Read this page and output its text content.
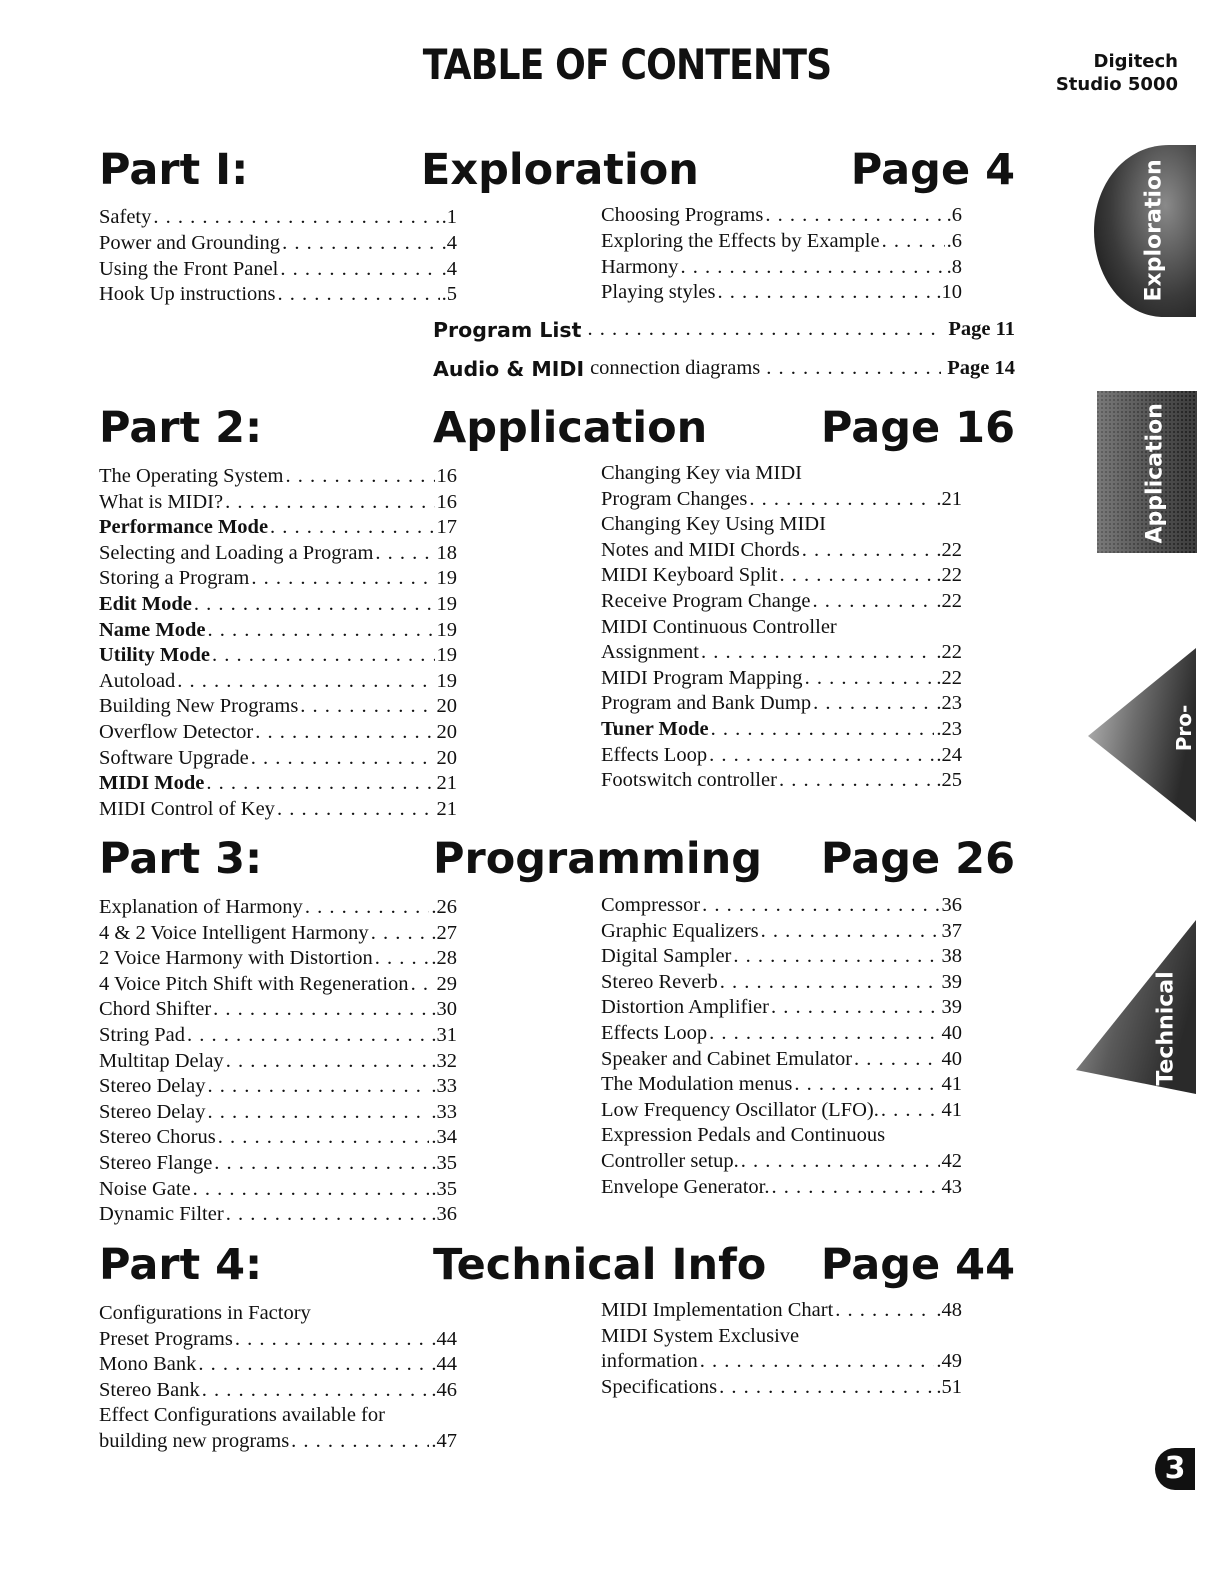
TABLE OF CONTENTS	Digitech
Studio 5000
Part I:	Exploration	Page 4
Safety . . .	.1
Power and Grounding . . .	.4
Using the Front Panel . . .	.4
Hook Up instructions . . .	.5
Choosing Programs . . .	.6
Exploring the Effects by Example . . .	.6
Harmony . . .	.8
Playing styles . . .	.10
Program List . . .	Page 11
Audio & MIDI connection diagrams . . .	Page 14
Part 2:	Application	Page 16
The Operating System . . .	16
What is MIDI? . . .	16
Performance Mode . . .	17
Selecting and Loading a Program . . .	18
Storing a Program . . .	19
Edit Mode . . .	19
Name Mode . . .	19
Utility Mode . . .	19
Autoload . . .	19
Building New Programs . . .	20
Overflow Detector . . .	20
Software Upgrade . . .	20
MIDI Mode . . .	21
MIDI Control of Key . . .	21
Changing Key via MIDI
Program Changes . . .	.21
Changing Key Using MIDI
Notes and MIDI Chords . . .	.22
MIDI Keyboard Split . . .	.22
Receive Program Change . . .	.22
MIDI Continuous Controller
Assignment . . .	.22
MIDI Program Mapping . . .	.22
Program and Bank Dump . . .	.23
Tuner Mode . . .	.23
Effects Loop . . .	.24
Footswitch controller . . .	.25
Part 3:	Programming Page 26
Explanation of Harmony . . .	.26
4 & 2 Voice Intelligent Harmony . . .	.27
2 Voice Harmony with Distortion . . .	.28
4 Voice Pitch Shift with Regeneration . . . 29
Chord Shifter . . .	.30
String Pad . . .	.31
Multitap Delay . . .	.32
Stereo Delay . . .	.33
Stereo Delay . . .	.33
Stereo Chorus . . .	.34
Stereo Flange . . .	.35
Noise Gate . . .	.35
Dynamic Filter . . .	.36
Compressor . . .	36
Graphic Equalizers . . .	37
Digital Sampler . . .	38
Stereo Reverb . . .	39
Distortion Amplifier . . .	39
Effects Loop . . .	40
Speaker and Cabinet Emulator . . .	40
The Modulation menus . . .	41
Low Frequency Oscillator (LFO). . . .	41
Expression Pedals and Continuous
Controller setup. . . .	42
Envelope Generator. . . .	43
Part 4:	Technical Info Page 44
Configurations in Factory
Preset Programs . . .	.44
Mono Bank . . .	.44
Stereo Bank . . .	.46
Effect Configurations available for
building new programs . . .	.47
MIDI Implementation Chart . . .	.48
MIDI System Exclusive
information . . .	.49
Specifications . . .	.51
Exploration
Application
Pro-
gramming
Technical
3
